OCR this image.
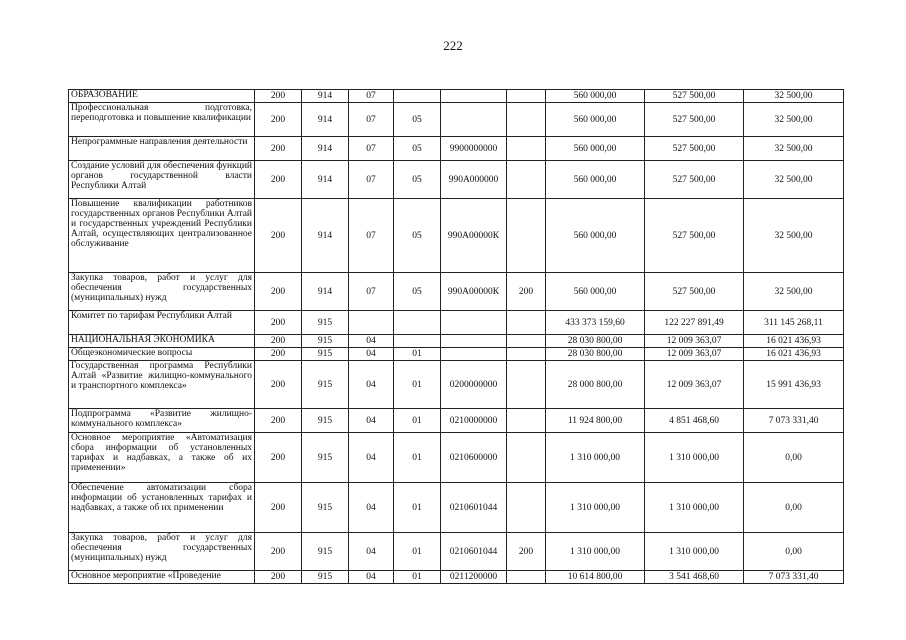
222
ОБРАЗОВАНИЕ	200	914	07				560 000,00	527 500,00	32 500,00
Профессиональная подготовка, переподготовка и повышение квалификации	200	914	07	05			560 000,00	527 500,00	32 500,00
Непрограммные направления деятельности	200	914	07	05	9900000000		560 000,00	527 500,00	32 500,00
Создание условий для обеспечения функций органов государственной власти Республики Алтай	200	914	07	05	990А000000		560 000,00	527 500,00	32 500,00
Повышение квалификации работников государственных органов Республики Алтай и государственных учреждений Республики Алтай, осуществляющих централизованное обслуживание	200	914	07	05	990А00000К		560 000,00	527 500,00	32 500,00
Закупка товаров, работ и услуг для обеспечения государственных (муниципальных) нужд	200	914	07	05	990А00000К	200	560 000,00	527 500,00	32 500,00
Комитет по тарифам Республики Алтай	200	915					433 373 159,60	122 227 891,49	311 145 268,11
НАЦИОНАЛЬНАЯ ЭКОНОМИКА	200	915	04				28 030 800,00	12 009 363,07	16 021 436,93
Общеэкономические вопросы	200	915	04	01			28 030 800,00	12 009 363,07	16 021 436,93
Государственная программа Республики Алтай «Развитие жилищно-коммунального и транспортного комплекса»	200	915	04	01	0200000000		28 000 800,00	12 009 363,07	15 991 436,93
Подпрограмма «Развитие жилищно-коммунального комплекса»	200	915	04	01	0210000000		11 924 800,00	4 851 468,60	7 073 331,40
Основное мероприятие «Автоматизация сбора информации об установленных тарифах и надбавках, а также об их применении»	200	915	04	01	0210600000		1 310 000,00	1 310 000,00	0,00
Обеспечение автоматизации сбора информации об установленных тарифах и надбавках, а также об их применении	200	915	04	01	0210601044		1 310 000,00	1 310 000,00	0,00
Закупка товаров, работ и услуг для обеспечения государственных (муниципальных) нужд	200	915	04	01	0210601044	200	1 310 000,00	1 310 000,00	0,00
Основное мероприятие «Проведение	200	915	04	01	0211200000		10 614 800,00	3 541 468,60	7 073 331,40
